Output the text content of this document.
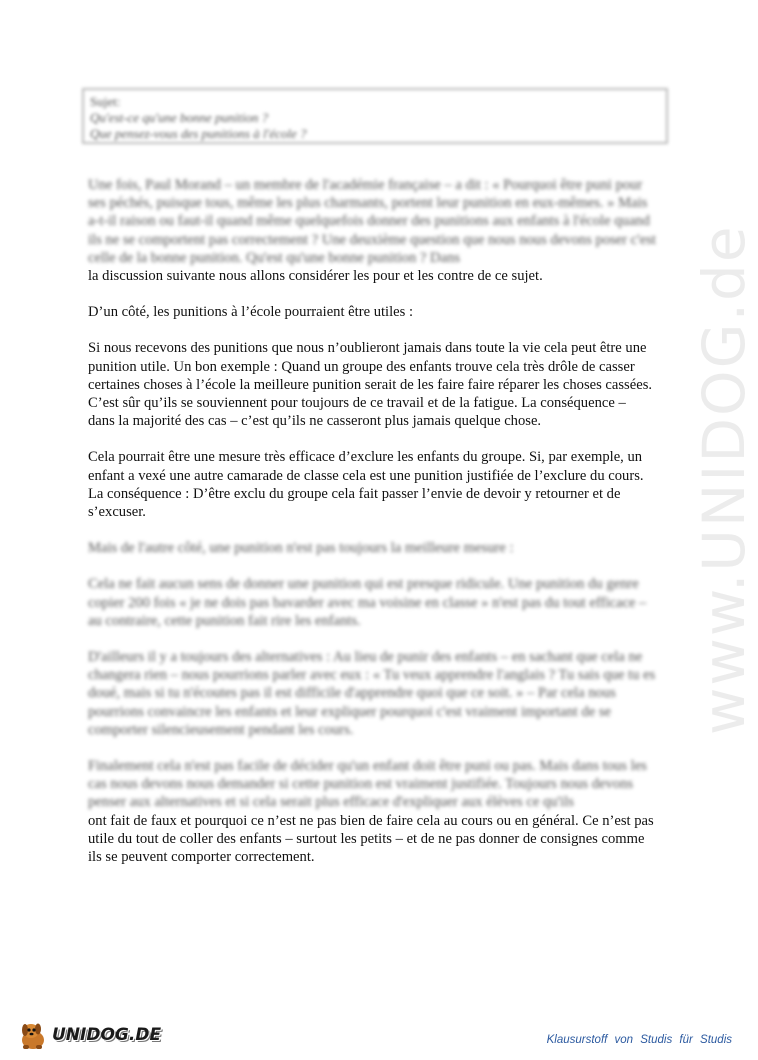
Sujet:
Qu'est-ce qu'une bonne punition ?
Que pensez-vous des punitions à l'école ?

Une fois, Paul Morand – un membre de l'académie française – a dit : « Pourquoi être puni pour ses péchés, puisque tous, même les plus charmants, portent leur punition en eux-mêmes. » Mais a-t-il raison ou faut-il quand même quelquefois donner des punitions aux enfants à l'école quand ils ne se comportent pas correctement ? Une deuxième question que nous nous devons poser c'est celle de la bonne punition. Qu'est qu'une bonne punition ? Dans

la discussion suivante nous allons considérer les pour et les contre de ce sujet.

D’un côté, les punitions à l’école pourraient être utiles :

Si nous recevons des punitions que nous n’oublieront jamais dans toute la vie cela peut être une punition utile. Un bon exemple : Quand un groupe des enfants trouve cela très drôle de casser certaines choses à l’école la meilleure punition serait de les faire faire réparer les choses cassées. C’est sûr qu’ils se souviennent pour toujours de ce travail et de la fatigue. La conséquence – dans la majorité des cas – c’est qu’ils ne casseront plus jamais quelque chose.

Cela pourrait être une mesure très efficace d’exclure les enfants du groupe. Si, par exemple, un enfant a vexé une autre camarade de classe cela est une punition justifiée de l’exclure du cours. La conséquence : D’être exclu du groupe cela fait passer l’envie de devoir y retourner et de s’excuser.

Mais de l'autre côté, une punition n'est pas toujours la meilleure mesure :

Cela ne fait aucun sens de donner une punition qui est presque ridicule. Une punition du genre copier 200 fois « je ne dois pas bavarder avec ma voisine en classe » n'est pas du tout efficace – au contraire, cette punition fait rire les enfants.

D'ailleurs il y a toujours des alternatives : Au lieu de punir des enfants – en sachant que cela ne changera rien – nous pourrions parler avec eux : « Tu veux apprendre l'anglais ? Tu sais que tu es doué, mais si tu n'écoutes pas il est difficile d'apprendre quoi que ce soit. » – Par cela nous pourrions convaincre les enfants et leur expliquer pourquoi c'est vraiment important de se comporter silencieusement pendant les cours.

Finalement cela n'est pas facile de décider qu'un enfant doit être puni ou pas. Mais dans tous les cas nous devons nous demander si cette punition est vraiment justifiée. Toujours nous devons penser aux alternatives et si cela serait plus efficace d'expliquer aux élèves ce qu'ils

ont fait de faux et pourquoi ce n’est ne pas bien de faire cela au cours ou en général. Ce n’est pas utile du tout de coller des enfants – surtout les petits – et de ne pas donner de consignes comme ils se peuvent comporter correctement.

www.UNIDOG.de
UNIDOG.DE	Klausurstoff von Studis für Studis
